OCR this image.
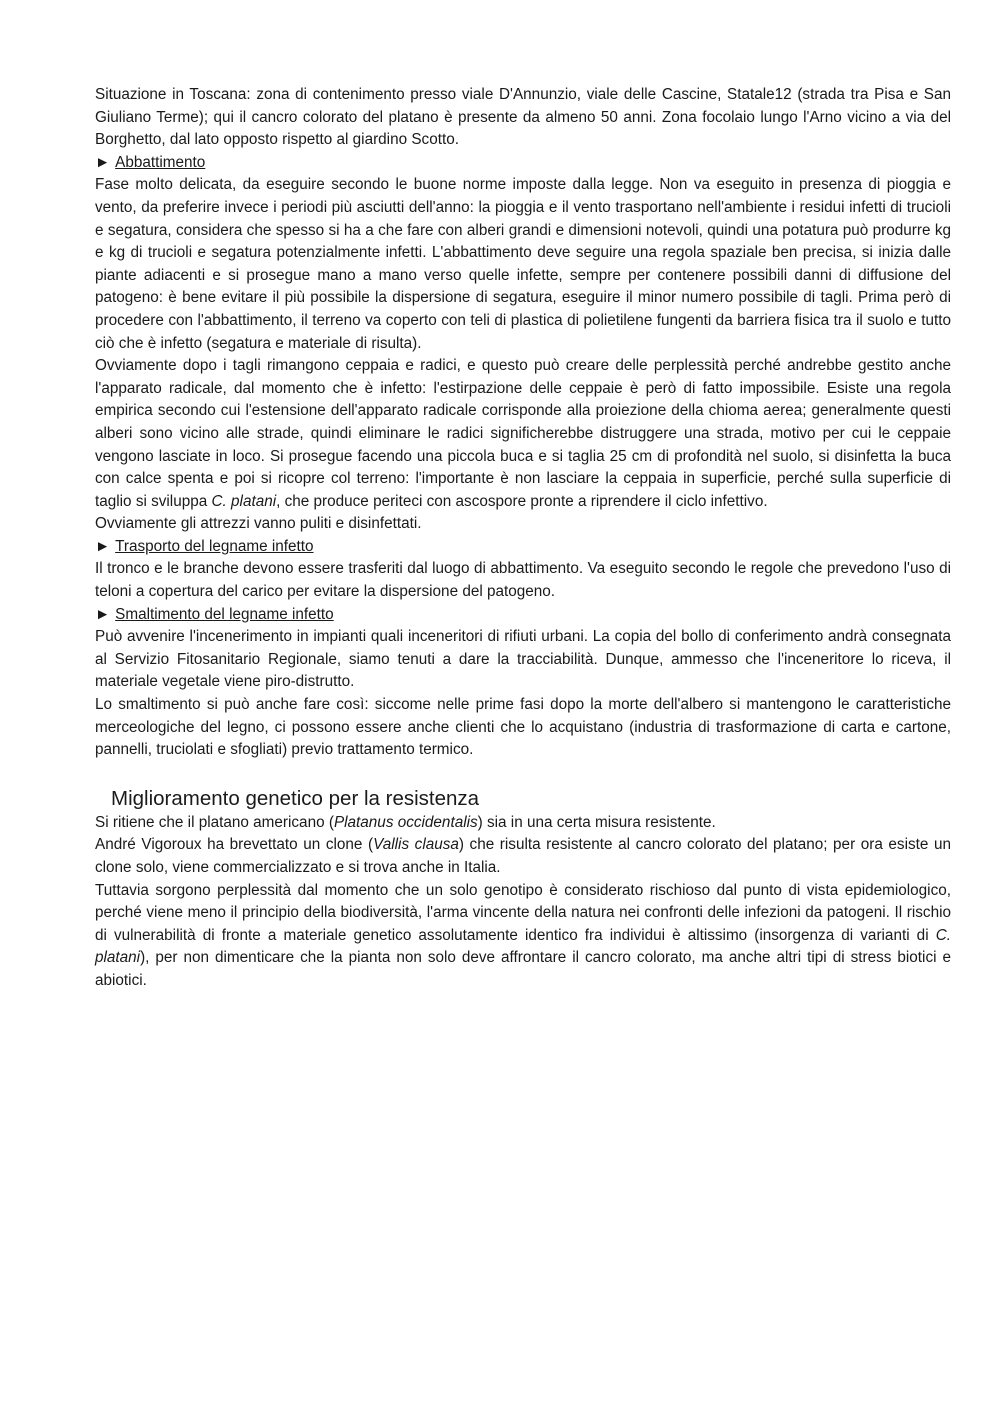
Situazione in Toscana: zona di contenimento presso viale D'Annunzio, viale delle Cascine, Statale12 (strada tra Pisa e San Giuliano Terme); qui il cancro colorato del platano è presente da almeno 50 anni. Zona focolaio lungo l'Arno vicino a via del Borghetto, dal lato opposto rispetto al giardino Scotto.

► Abbattimento

Fase molto delicata, da eseguire secondo le buone norme imposte dalla legge. Non va eseguito in presenza di pioggia e vento, da preferire invece i periodi più asciutti dell'anno: la pioggia e il vento trasportano nell'ambiente i residui infetti di trucioli e segatura, considera che spesso si ha a che fare con alberi grandi e dimensioni notevoli, quindi una potatura può produrre kg e kg di trucioli e segatura potenzialmente infetti. L'abbattimento deve seguire una regola spaziale ben precisa, si inizia dalle piante adiacenti e si prosegue mano a mano verso quelle infette, sempre per contenere possibili danni di diffusione del patogeno: è bene evitare il più possibile la dispersione di segatura, eseguire il minor numero possibile di tagli. Prima però di procedere con l'abbattimento, il terreno va coperto con teli di plastica di polietilene fungenti da barriera fisica tra il suolo e tutto ciò che è infetto (segatura e materiale di risulta).

Ovviamente dopo i tagli rimangono ceppaia e radici, e questo può creare delle perplessità perché andrebbe gestito anche l'apparato radicale, dal momento che è infetto: l'estirpazione delle ceppaie è però di fatto impossibile. Esiste una regola empirica secondo cui l'estensione dell'apparato radicale corrisponde alla proiezione della chioma aerea; generalmente questi alberi sono vicino alle strade, quindi eliminare le radici significherebbe distruggere una strada, motivo per cui le ceppaie vengono lasciate in loco. Si prosegue facendo una piccola buca e si taglia 25 cm di profondità nel suolo, si disinfetta la buca con calce spenta e poi si ricopre col terreno: l'importante è non lasciare la ceppaia in superficie, perché sulla superficie di taglio si sviluppa C. platani, che produce periteci con ascospore pronte a riprendere il ciclo infettivo.

Ovviamente gli attrezzi vanno puliti e disinfettati.

► Trasporto del legname infetto

Il tronco e le branche devono essere trasferiti dal luogo di abbattimento. Va eseguito secondo le regole che prevedono l'uso di teloni a copertura del carico per evitare la dispersione del patogeno.

► Smaltimento del legname infetto

Può avvenire l'incenerimento in impianti quali inceneritori di rifiuti urbani. La copia del bollo di conferimento andrà consegnata al Servizio Fitosanitario Regionale, siamo tenuti a dare la tracciabilità. Dunque, ammesso che l'inceneritore lo riceva, il materiale vegetale viene piro-distrutto.

Lo smaltimento si può anche fare così: siccome nelle prime fasi dopo la morte dell'albero si mantengono le caratteristiche merceologiche del legno, ci possono essere anche clienti che lo acquistano (industria di trasformazione di carta e cartone, pannelli, truciolati e sfogliati) previo trattamento termico.

Miglioramento genetico per la resistenza

Si ritiene che il platano americano (Platanus occidentalis) sia in una certa misura resistente.

André Vigoroux ha brevettato un clone (Vallis clausa) che risulta resistente al cancro colorato del platano; per ora esiste un clone solo, viene commercializzato e si trova anche in Italia.

Tuttavia sorgono perplessità dal momento che un solo genotipo è considerato rischioso dal punto di vista epidemiologico, perché viene meno il principio della biodiversità, l'arma vincente della natura nei confronti delle infezioni da patogeni. Il rischio di vulnerabilità di fronte a materiale genetico assolutamente identico fra individui è altissimo (insorgenza di varianti di C. platani), per non dimenticare che la pianta non solo deve affrontare il cancro colorato, ma anche altri tipi di stress biotici e abiotici.
